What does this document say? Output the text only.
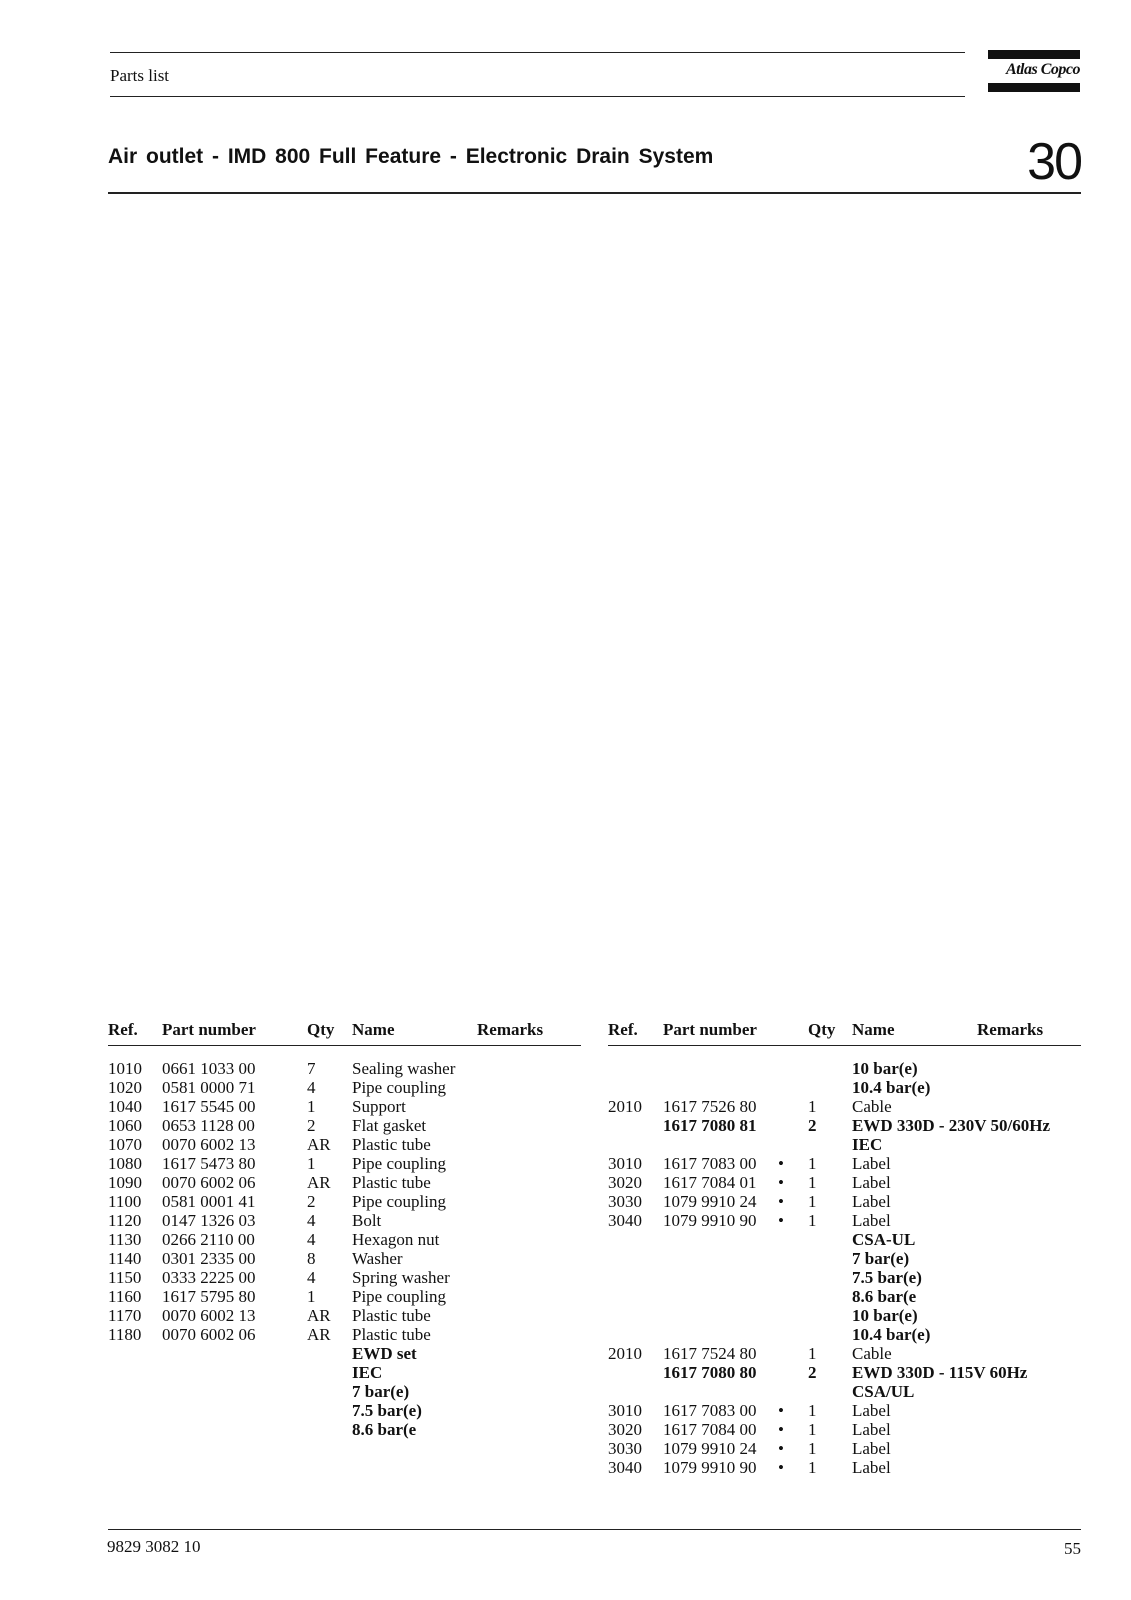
Parts list	Atlas Copco
Air outlet - IMD 800 Full Feature - Electronic Drain System	30
Ref. Part number	Qty Name	Remarks	Ref. Part number	Qty Name	Remarks
1010 0661 1033 00	7 Sealing washer
1020 0581 0000 71	4 Pipe coupling
1040 1617 5545 00	1 Support
1060 0653 1128 00	2 Flat gasket
1070 0070 6002 13	AR Plastic tube
1080 1617 5473 80	1 Pipe coupling
1090 0070 6002 06	AR Plastic tube
1100 0581 0001 41	2 Pipe coupling
1120 0147 1326 03	4 Bolt
1130 0266 2110 00	4 Hexagon nut
1140 0301 2335 00	8 Washer
1150 0333 2225 00	4 Spring washer
1160 1617 5795 80	1 Pipe coupling
1170 0070 6002 13	AR Plastic tube
1180 0070 6002 06	AR Plastic tube
EWD set
IEC
7 bar(e)
7.5 bar(e)
8.6 bar(e
10 bar(e)
10.4 bar(e)
2010 1617 7526 80	1 Cable
1617 7080 81	2 EWD 330D - 230V 50/60Hz
IEC
3010 1617 7083 00 • 1 Label
3020 1617 7084 01 • 1 Label
3030 1079 9910 24 • 1 Label
3040 1079 9910 90 • 1 Label
CSA-UL
7 bar(e)
7.5 bar(e)
8.6 bar(e
10 bar(e)
10.4 bar(e)
2010 1617 7524 80	1 Cable
1617 7080 80	2 EWD 330D - 115V 60Hz
CSA/UL
3010 1617 7083 00 • 1 Label
3020 1617 7084 00 • 1 Label
3030 1079 9910 24 • 1 Label
3040 1079 9910 90 • 1 Label
9829 3082 10	55
